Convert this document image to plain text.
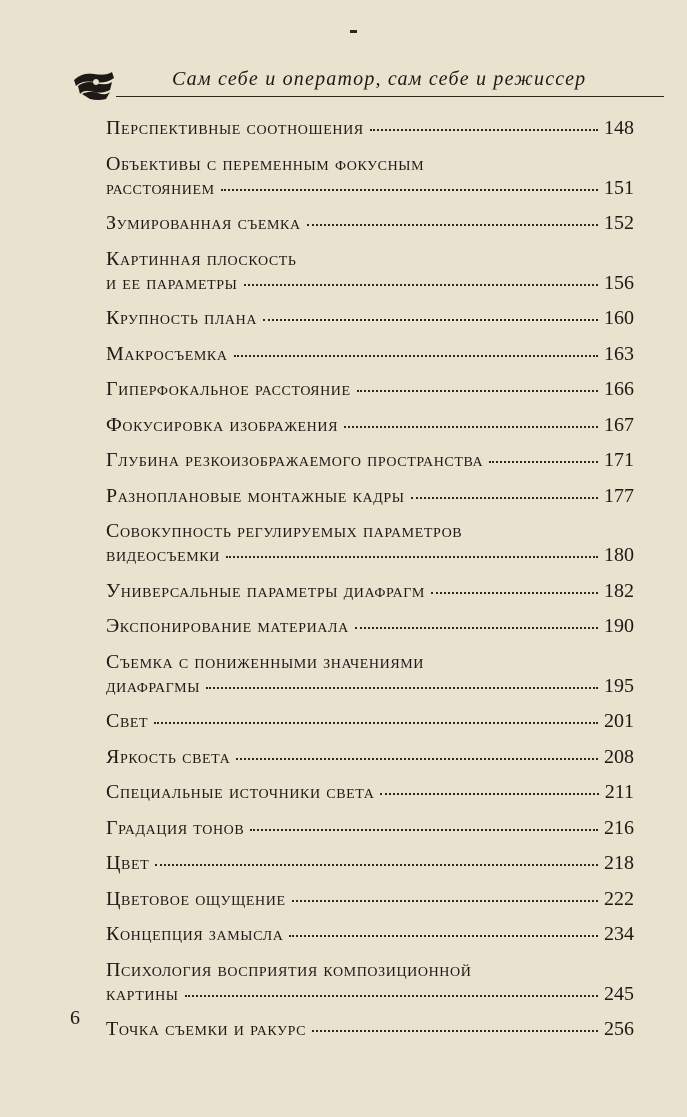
Сам себе и оператор, сам себе и режиссер
Перспективные соотношения	148
Объективы с переменным фокусным
расстоянием	151
Зумированная съемка	152
Картинная плоскость
и ее параметры	156
Крупность плана	160
Макросъемка	163
Гиперфокальное расстояние	166
Фокусировка изображения	167
Глубина резкоизображаемого пространства	171
Разноплановые монтажные кадры	177
Совокупность регулируемых параметров
видеосъемки	180
Универсальные параметры диафрагм	182
Экспонирование материала	190
Съемка с пониженными значениями
диафрагмы	195
Свет	201
Яркость света	208
Специальные источники света	211
Градация тонов	216
Цвет	218
Цветовое ощущение	222
Концепция замысла	234
Психология восприятия композиционной
картины	245
Точка съемки и ракурс	256
6
